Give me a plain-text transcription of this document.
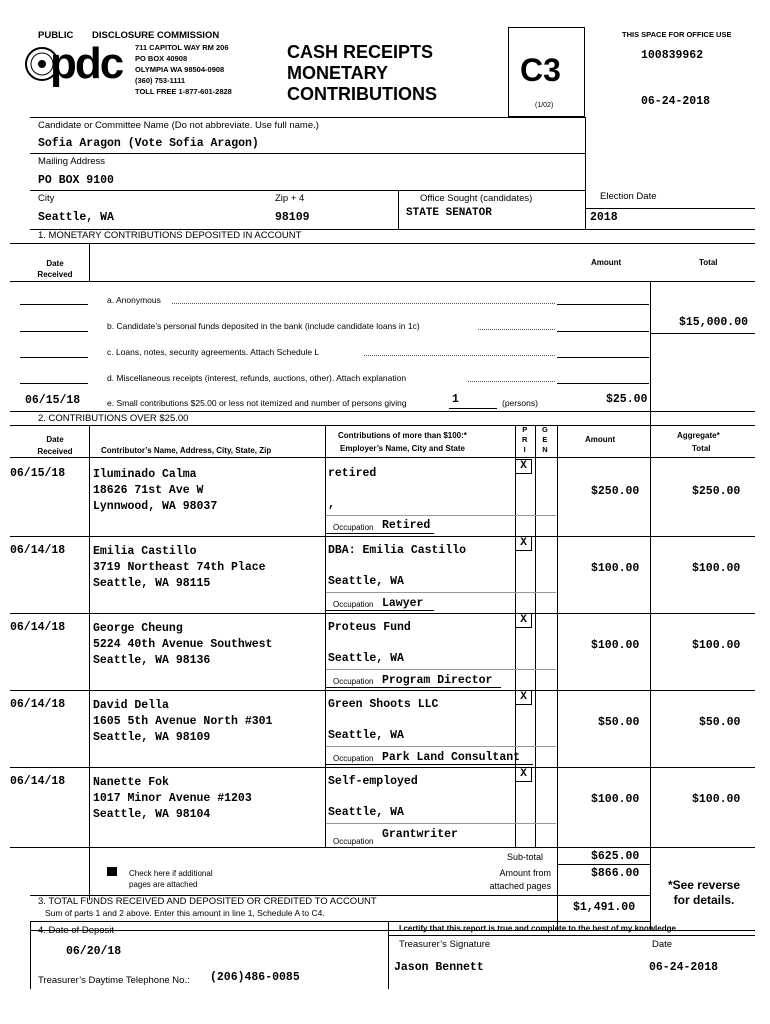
PUBLIC DISCLOSURE COMMISSION
pdc 711 CAPITOL WAY RM 206
PO BOX 40908
OLYMPIA WA 98504-0908
(360) 753-1111
TOLL FREE 1-877-601-2828
CASH RECEIPTS
MONETARY
CONTRIBUTIONS
C3
(1/02)
THIS SPACE FOR OFFICE USE
100839962
06-24-2018
Candidate or Committee Name (Do not abbreviate. Use full name.)
Sofia Aragon (Vote Sofia Aragon)
Mailing Address
PO BOX 9100
City
Seattle, WA
Zip + 4
98109
Office Sought (candidates)
STATE SENATOR
Election Date
2018
1. MONETARY CONTRIBUTIONS DEPOSITED IN ACCOUNT
Date Received
Amount	Total
a. Anonymous
b. Candidate’s personal funds deposited in the bank (include candidate loans in 1c)	$15,000.00
c. Loans, notes, security agreements. Attach Schedule L
d. Miscellaneous receipts (interest, refunds, auctions, other). Attach explanation
06/15/18	e. Small contributions $25.00 or less not itemized and number of persons giving	1	(persons)	$25.00
2. CONTRIBUTIONS OVER $25.00
Date Received	Contributor’s Name, Address, City, State, Zip
Contributions of more than $100:*
Employer’s Name, City and State
P
R
I
G
E
N
Amount	Aggregate*
Total
06/15/18 Iluminado Calma
18626 71st Ave W
Lynnwood, WA 98037
retired
,
Occupation Retired
X
$250.00	$250.00
06/14/18 Emilia Castillo
3719 Northeast 74th Place
Seattle, WA 98115
DBA: Emilia Castillo
Seattle, WA
Occupation Lawyer
X
$100.00	$100.00
06/14/18 George Cheung
5224 40th Avenue Southwest
Seattle, WA 98136
Proteus Fund
Seattle, WA
Occupation Program Director
X
$100.00	$100.00
06/14/18 David Della
1605 5th Avenue North #301
Seattle, WA 98109
Green Shoots LLC
Seattle, WA
Occupation Park Land Consultant
X
$50.00	$50.00
06/14/18 Nanette Fok
1017 Minor Avenue #1203
Seattle, WA 98104
Self-employed
Seattle, WA
Occupation
Grantwriter
X
$100.00	$100.00
Check here if additional
pages are attached
Sub-total	$625.00
Amount from
attached pages
$866.00
*See reverse
for details.
3. TOTAL FUNDS RECEIVED AND DEPOSITED OR CREDITED TO ACCOUNT
Sum of parts 1 and 2 above. Enter this amount in line 1, Schedule A to C4.	$1,491.00
4. Date of Deposit
06/20/18
Treasurer’s Daytime Telephone No.: (206)486-0085
I certify that this report is true and complete to the best of my knowledge
Treasurer’s Signature	Date
Jason Bennett	06-24-2018
